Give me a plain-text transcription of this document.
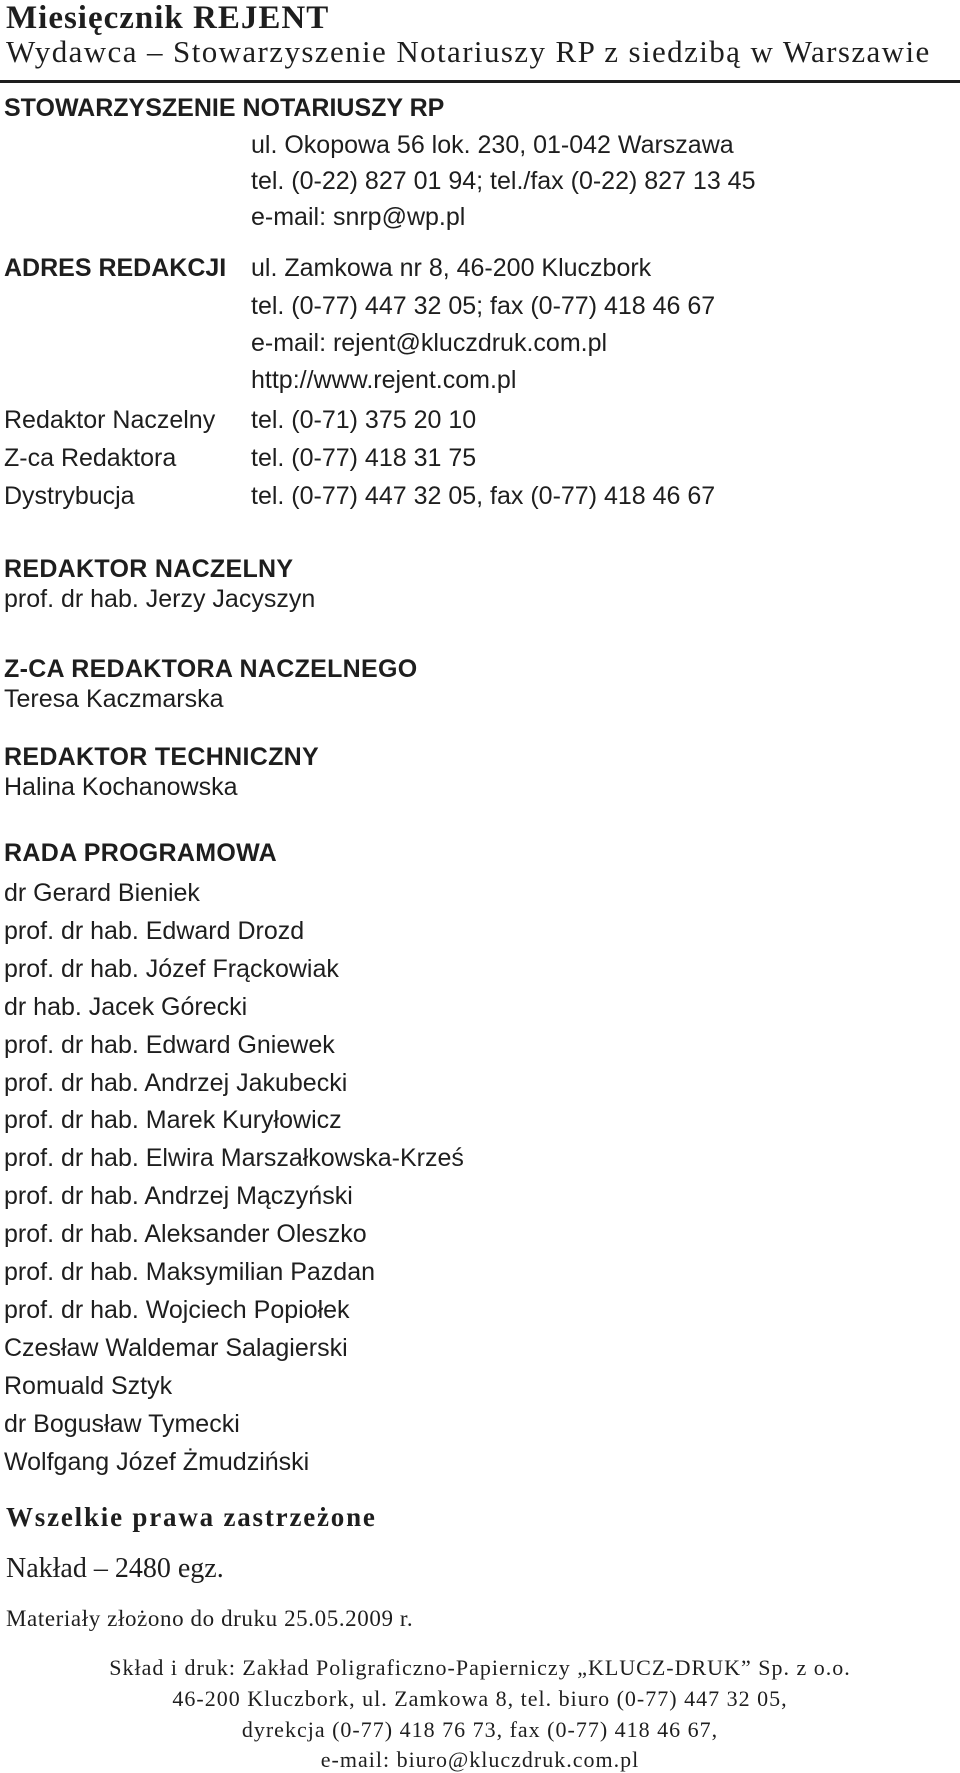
Miesięcznik REJENT
Wydawca – Stowarzyszenie Notariuszy RP z siedzibą w Warszawie
STOWARZYSZENIE NOTARIUSZY RP
ul. Okopowa 56 lok. 230, 01-042 Warszawa
tel. (0-22) 827 01 94; tel./fax (0-22) 827 13 45
e-mail: snrp@wp.pl
ADRES REDAKCJI ul. Zamkowa nr 8, 46-200 Kluczbork
tel. (0-77) 447 32 05; fax (0-77) 418 46 67
e-mail: rejent@kluczdruk.com.pl
http://www.rejent.com.pl
Redaktor Naczelny tel. (0-71) 375 20 10
Z-ca Redaktora	tel. (0-77) 418 31 75
Dystrybucja	tel. (0-77) 447 32 05, fax (0-77) 418 46 67
REDAKTOR NACZELNY
prof. dr hab. Jerzy Jacyszyn
Z-CA REDAKTORA NACZELNEGO
Teresa Kaczmarska
REDAKTOR TECHNICZNY
Halina Kochanowska
RADA PROGRAMOWA
dr Gerard Bieniek
prof. dr hab. Edward Drozd
prof. dr hab. Józef Frąckowiak
dr hab. Jacek Górecki
prof. dr hab. Edward Gniewek
prof. dr hab. Andrzej Jakubecki
prof. dr hab. Marek Kuryłowicz
prof. dr hab. Elwira Marszałkowska-Krześ
prof. dr hab. Andrzej Mączyński
prof. dr hab. Aleksander Oleszko
prof. dr hab. Maksymilian Pazdan
prof. dr hab. Wojciech Popiołek
Czesław Waldemar Salagierski
Romuald Sztyk
dr Bogusław Tymecki
Wolfgang Józef Żmudziński
Wszelkie prawa zastrzeżone
Nakład – 2480 egz.
Materiały złożono do druku 25.05.2009 r.
Skład i druk: Zakład Poligraficzno-Papierniczy „KLUCZ-DRUK” Sp. z o.o.
46-200 Kluczbork, ul. Zamkowa 8, tel. biuro (0-77) 447 32 05,
dyrekcja (0-77) 418 76 73, fax (0-77) 418 46 67,
e-mail: biuro@kluczdruk.com.pl
